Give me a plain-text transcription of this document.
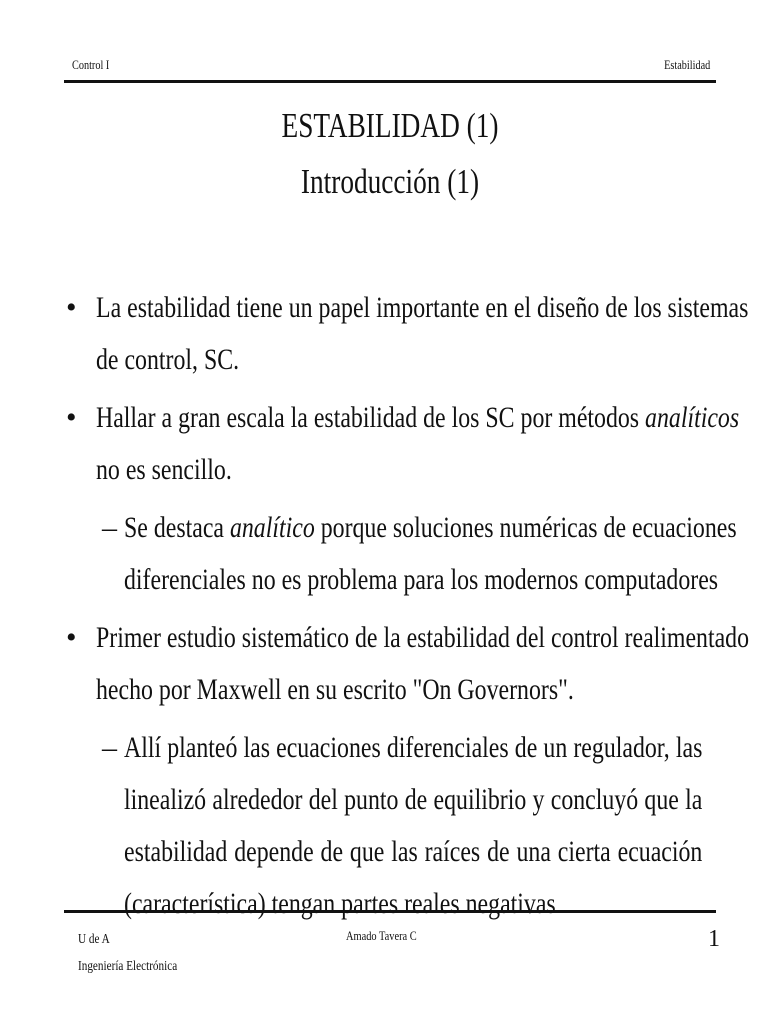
Control I	Estabilidad
ESTABILIDAD (1)
Introducción (1)
• La estabilidad tiene un papel importante en el diseño de los sistemas
de control, SC.
• Hallar a gran escala la estabilidad de los SC por métodos analíticos
no es sencillo.
– Se destaca analítico porque soluciones numéricas de ecuaciones
diferenciales no es problema para los modernos computadores
• Primer estudio sistemático de la estabilidad del control realimentado
hecho por Maxwell en su escrito "On Governors".
– Allí planteó las ecuaciones diferenciales de un regulador, las
linealizó alrededor del punto de equilibrio y concluyó que la
estabilidad depende de que las raíces de una cierta ecuación
(característica) tengan partes reales negativas
U de A
Ingeniería Electrónica
Amado Tavera C	1
